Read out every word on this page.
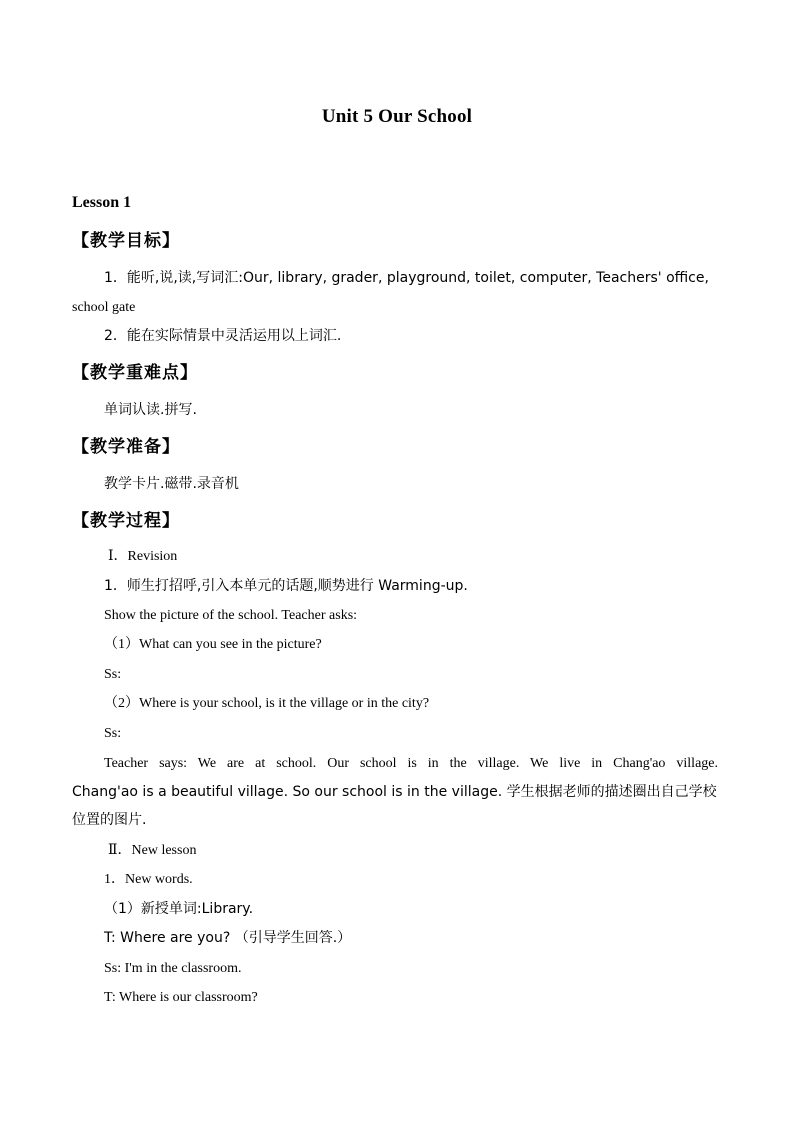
Unit 5 Our School
Lesson 1
【教学目标】
1．能听,说,读,写词汇:Our, library, grader, playground, toilet, computer, Teachers' office,
school gate
2．能在实际情景中灵活运用以上词汇.
【教学重难点】
单词认读.拼写.
【教学准备】
教学卡片.磁带.录音机
【教学过程】
Ⅰ．Revision
1．师生打招呼,引入本单元的话题,顺势进行 Warming-up.
Show the picture of the school. Teacher asks:
（1）What can you see in the picture?
Ss:
（2）Where is your school, is it the village or in the city?
Ss:
Teacher says: We are at school. Our school is in the village. We live in Chang'ao village.
Chang'ao is a beautiful village. So our school is in the village. 学生根据老师的描述圈出自己学校
位置的图片.
Ⅱ．New lesson
1．New words.
（1）新授单词:Library.
T: Where are you? （引导学生回答.）
Ss: I'm in the classroom.
T: Where is our classroom?
